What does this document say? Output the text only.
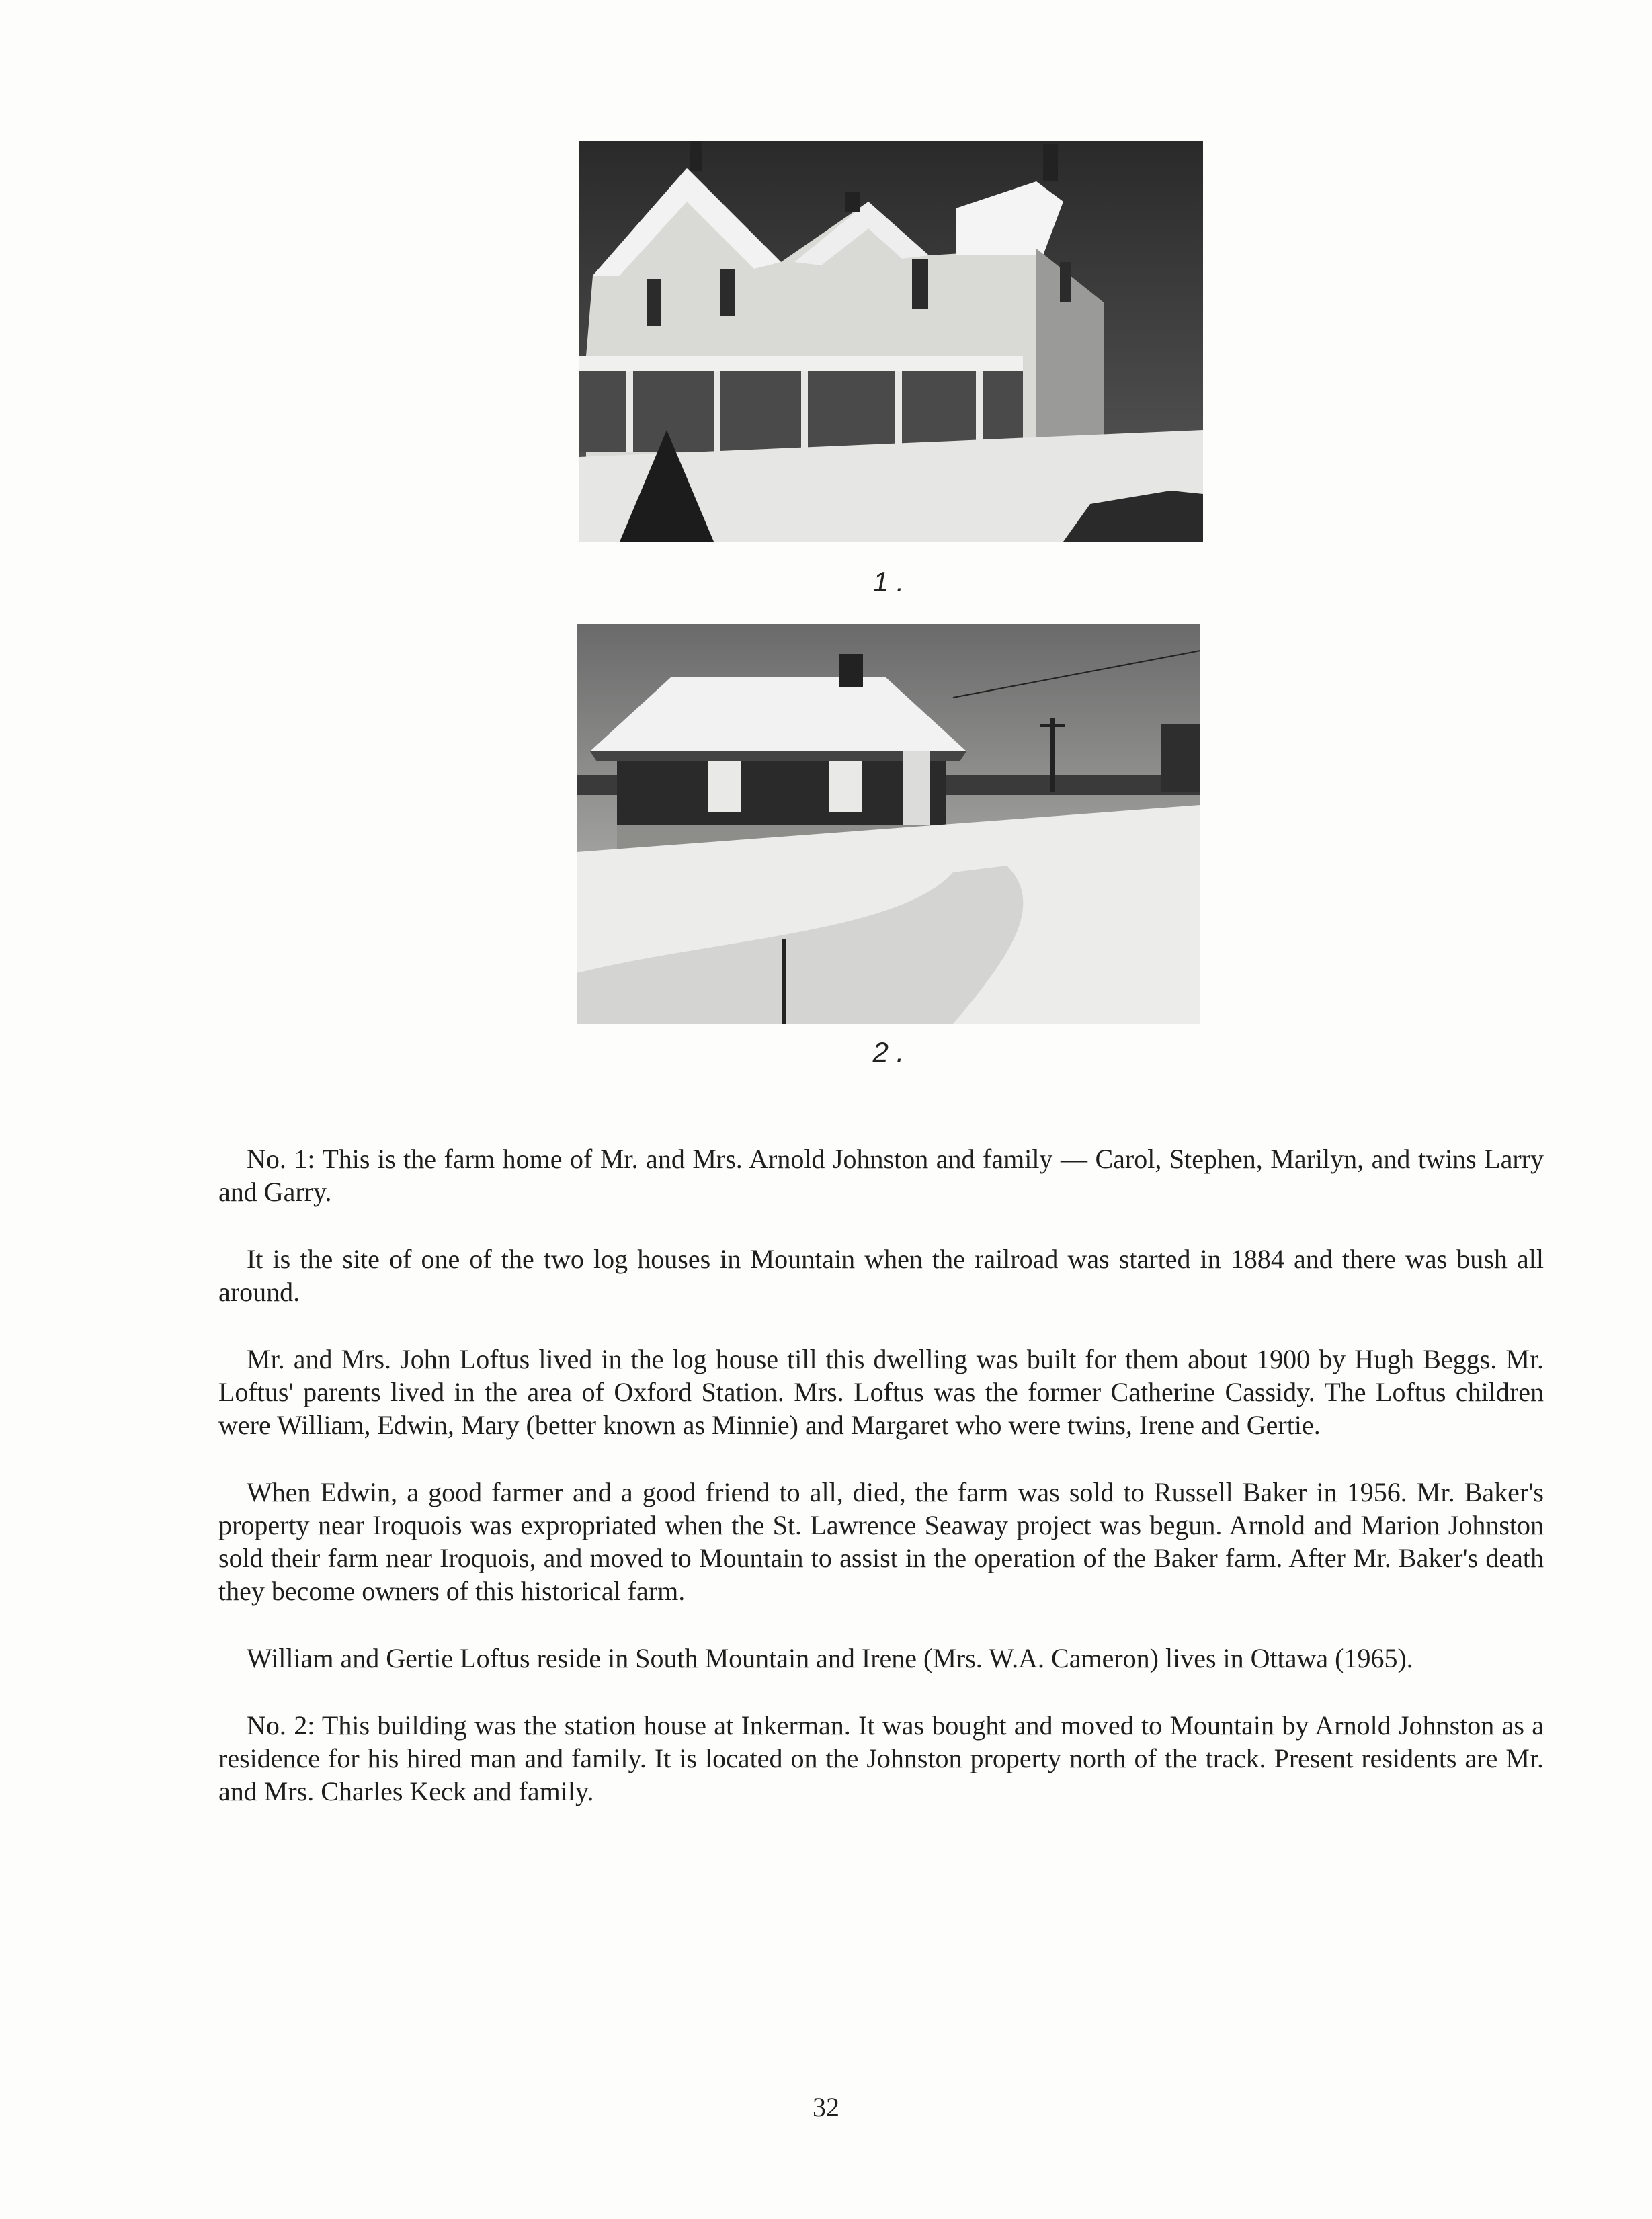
1 .
2 .

No. 1: This is the farm home of Mr. and Mrs. Arnold Johnston and family — Carol, Stephen, Marilyn, and twins Larry and Garry.

It is the site of one of the two log houses in Mountain when the railroad was started in 1884 and there was bush all around.

Mr. and Mrs. John Loftus lived in the log house till this dwelling was built for them about 1900 by Hugh Beggs. Mr. Loftus' parents lived in the area of Oxford Station. Mrs. Loftus was the former Catherine Cassidy. The Loftus children were William, Edwin, Mary (better known as Minnie) and Margaret who were twins, Irene and Gertie.

When Edwin, a good farmer and a good friend to all, died, the farm was sold to Russell Baker in 1956. Mr. Baker's property near Iroquois was expropriated when the St. Lawrence Seaway project was begun. Arnold and Marion Johnston sold their farm near Iroquois, and moved to Mountain to assist in the operation of the Baker farm. After Mr. Baker's death they become owners of this historical farm.

William and Gertie Loftus reside in South Mountain and Irene (Mrs. W.A. Cameron) lives in Ottawa (1965).

No. 2: This building was the station house at Inkerman. It was bought and moved to Mountain by Arnold Johnston as a residence for his hired man and family. It is located on the Johnston property north of the track. Present residents are Mr. and Mrs. Charles Keck and family.

32
